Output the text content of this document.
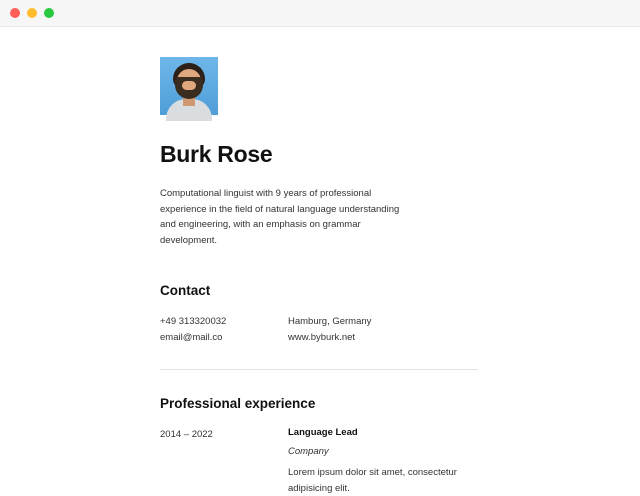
Burk Rose

Computational linguist with 9 years of professional experience in the field of natural language understanding and engineering, with an emphasis on grammar development.

Contact
+49 313320032
email@mail.co
Hamburg, Germany
www.byburk.net
Professional experience
2014 – 2022	Language Lead
Company
Lorem ipsum dolor sit amet, consectetur adipisicing elit.
